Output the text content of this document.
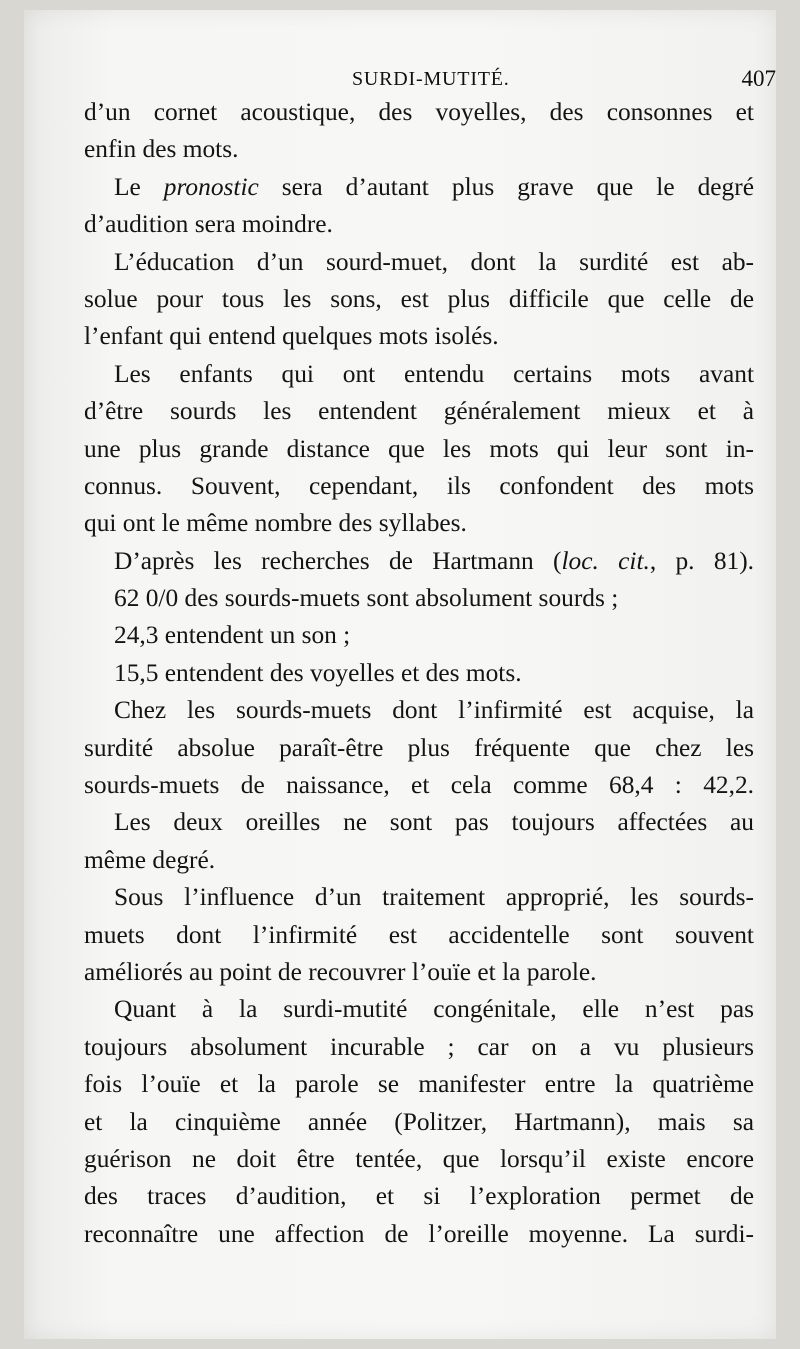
SURDI-MUTITÉ.	407
d’un cornet acoustique, des voyelles, des consonnes et
enfin des mots.
Le pronostic sera d’autant plus grave que le degré
d’audition sera moindre.
L’éducation d’un sourd-muet, dont la surdité est ab-
solue pour tous les sons, est plus difficile que celle de
l’enfant qui entend quelques mots isolés.
Les enfants qui ont entendu certains mots avant
d’être sourds les entendent généralement mieux et à
une plus grande distance que les mots qui leur sont in-
connus. Souvent, cependant, ils confondent des mots
qui ont le même nombre des syllabes.
D’après les recherches de Hartmann (loc. cit., p. 81).
62 0/0 des sourds-muets sont absolument sourds ;
24,3 entendent un son ;
15,5 entendent des voyelles et des mots.
Chez les sourds-muets dont l’infirmité est acquise, la
surdité absolue paraît-être plus fréquente que chez les
sourds-muets de naissance, et cela comme 68,4 : 42,2.
Les deux oreilles ne sont pas toujours affectées au
même degré.
Sous l’influence d’un traitement approprié, les sourds-
muets dont l’infirmité est accidentelle sont souvent
améliorés au point de recouvrer l’ouïe et la parole.
Quant à la surdi-mutité congénitale, elle n’est pas
toujours absolument incurable ; car on a vu plusieurs
fois l’ouïe et la parole se manifester entre la quatrième
et la cinquième année (Politzer, Hartmann), mais sa
guérison ne doit être tentée, que lorsqu’il existe encore
des traces d’audition, et si l’exploration permet de
reconnaître une affection de l’oreille moyenne. La surdi-
